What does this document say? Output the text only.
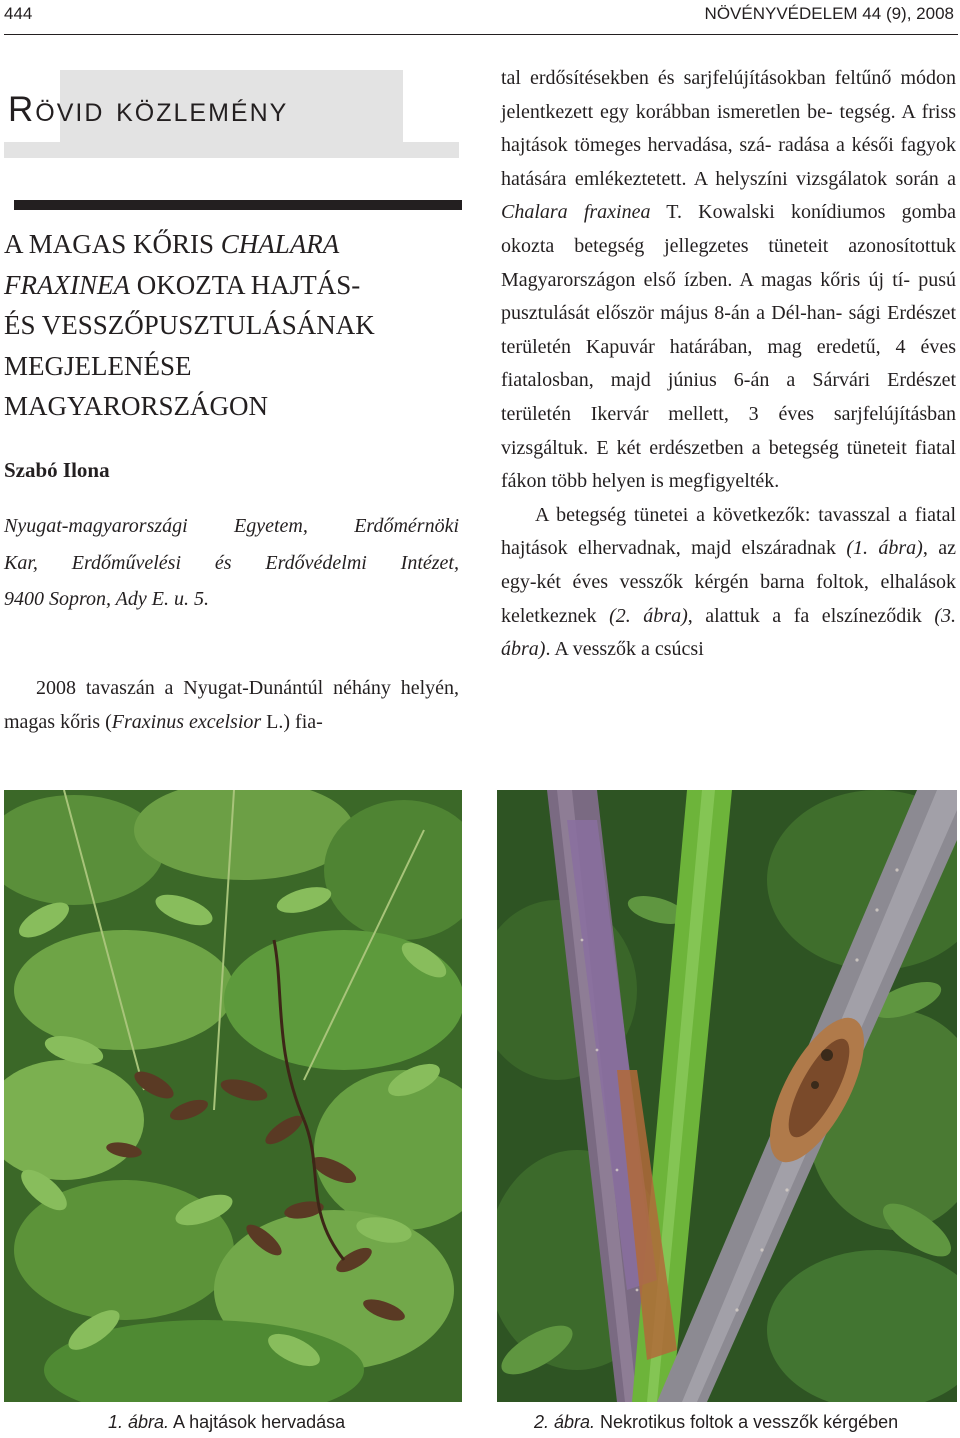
444	NÖVÉNYVÉDELEM 44 (9), 2008
Rövid közlemény
A MAGAS KŐRIS CHALARA
FRAXINEA OKOZTA HAJTÁS-
ÉS VESSZŐPUSZTULÁSÁNAK
MEGJELENÉSE
MAGYARORSZÁGON
Szabó Ilona
Nyugat-magyarországi Egyetem, Erdőmérnöki
Kar, Erdőművelési és Erdővédelmi Intézet,
9400 Sopron, Ady E. u. 5.

2008 tavaszán a Nyugat-Dunántúl néhány helyén, magas kőris (Fraxinus excelsior L.) fia-

tal erdősítésekben és sarjfelújításokban feltűnő módon jelentkezett egy korábban ismeretlen be- tegség. A friss hajtások tömeges hervadása, szá- radása a késői fagyok hatására emlékeztetett. A helyszíni vizsgálatok során a Chalara fraxinea T. Kowalski konídiumos gomba okozta betegség jellegzetes tüneteit azonosítottuk Magyarországon első ízben. A magas kőris új tí- pusú pusztulását először május 8-án a Dél-han- sági Erdészet területén Kapuvár határában, mag eredetű, 4 éves fiatalosban, majd június 6-án a Sárvári Erdészet területén Ikervár mellett, 3 éves sarjfelújításban vizsgáltuk. E két erdészetben a betegség tüneteit fiatal fákon több helyen is megfigyelték.

A betegség tünetei a következők: tavasszal a fiatal hajtások elhervadnak, majd elszáradnak (1. ábra), az egy-két éves vesszők kérgén barna foltok, elhalások keletkeznek (2. ábra), alattuk a fa elszíneződik (3. ábra). A vesszők a csúcsi

1. ábra. A hajtások hervadása	2. ábra. Nekrotikus foltok a vesszők kérgében
